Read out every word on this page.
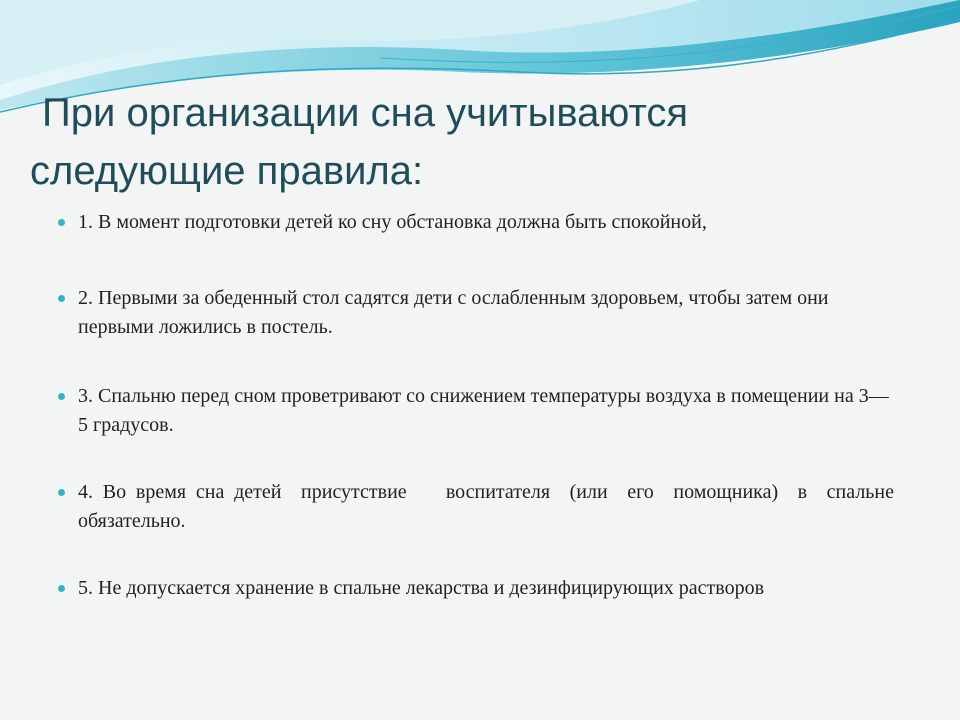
При организации сна учитываются
следующие правила:
1. В момент подготовки детей ко сну обстановка должна быть спокойной,
2. Первыми за обеденный стол садятся дети с ослабленным здоровьем, чтобы затем они первыми ложились в постель.
3. Спальню перед сном проветривают со снижением температуры воздуха в помещении на 3—5 градусов.
4. Во время сна детей  присутствие    воспитателя  (или  его  помощника)  в  спальне  обязательно.
5. Не допускается хранение в спальне лекарства и дезинфицирующих растворов
